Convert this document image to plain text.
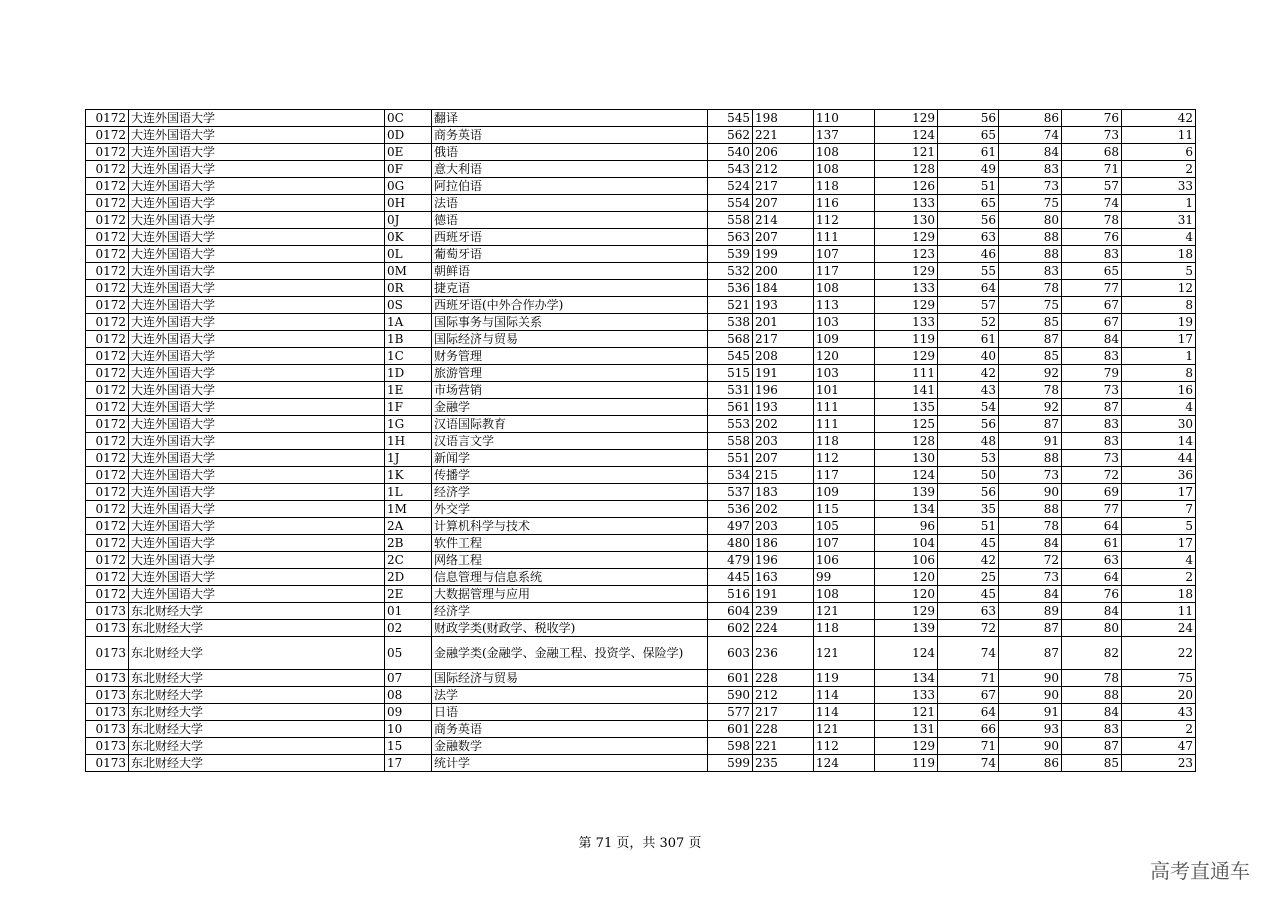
0172	大连外国语大学	0C	翻译	545	198	110	129	56	86	76	42
0172	大连外国语大学	0D	商务英语	562	221	137	124	65	74	73	11
0172	大连外国语大学	0E	俄语	540	206	108	121	61	84	68	6
0172	大连外国语大学	0F	意大利语	543	212	108	128	49	83	71	2
0172	大连外国语大学	0G	阿拉伯语	524	217	118	126	51	73	57	33
0172	大连外国语大学	0H	法语	554	207	116	133	65	75	74	1
0172	大连外国语大学	0J	德语	558	214	112	130	56	80	78	31
0172	大连外国语大学	0K	西班牙语	563	207	111	129	63	88	76	4
0172	大连外国语大学	0L	葡萄牙语	539	199	107	123	46	88	83	18
0172	大连外国语大学	0M	朝鲜语	532	200	117	129	55	83	65	5
0172	大连外国语大学	0R	捷克语	536	184	108	133	64	78	77	12
0172	大连外国语大学	0S	西班牙语(中外合作办学)	521	193	113	129	57	75	67	8
0172	大连外国语大学	1A	国际事务与国际关系	538	201	103	133	52	85	67	19
0172	大连外国语大学	1B	国际经济与贸易	568	217	109	119	61	87	84	17
0172	大连外国语大学	1C	财务管理	545	208	120	129	40	85	83	1
0172	大连外国语大学	1D	旅游管理	515	191	103	111	42	92	79	8
0172	大连外国语大学	1E	市场营销	531	196	101	141	43	78	73	16
0172	大连外国语大学	1F	金融学	561	193	111	135	54	92	87	4
0172	大连外国语大学	1G	汉语国际教育	553	202	111	125	56	87	83	30
0172	大连外国语大学	1H	汉语言文学	558	203	118	128	48	91	83	14
0172	大连外国语大学	1J	新闻学	551	207	112	130	53	88	73	44
0172	大连外国语大学	1K	传播学	534	215	117	124	50	73	72	36
0172	大连外国语大学	1L	经济学	537	183	109	139	56	90	69	17
0172	大连外国语大学	1M	外交学	536	202	115	134	35	88	77	7
0172	大连外国语大学	2A	计算机科学与技术	497	203	105	96	51	78	64	5
0172	大连外国语大学	2B	软件工程	480	186	107	104	45	84	61	17
0172	大连外国语大学	2C	网络工程	479	196	106	106	42	72	63	4
0172	大连外国语大学	2D	信息管理与信息系统	445	163	99	120	25	73	64	2
0172	大连外国语大学	2E	大数据管理与应用	516	191	108	120	45	84	76	18
0173	东北财经大学	01	经济学	604	239	121	129	63	89	84	11
0173	东北财经大学	02	财政学类(财政学、税收学)	602	224	118	139	72	87	80	24
0173	东北财经大学	05	金融学类(金融学、金融工程、投资学、保险学)	603	236	121	124	74	87	82	22
0173	东北财经大学	07	国际经济与贸易	601	228	119	134	71	90	78	75
0173	东北财经大学	08	法学	590	212	114	133	67	90	88	20
0173	东北财经大学	09	日语	577	217	114	121	64	91	84	43
0173	东北财经大学	10	商务英语	601	228	121	131	66	93	83	2
0173	东北财经大学	15	金融数学	598	221	112	129	71	90	87	47
0173	东北财经大学	17	统计学	599	235	124	119	74	86	85	23
第 71 页，共 307 页
高考直通车
